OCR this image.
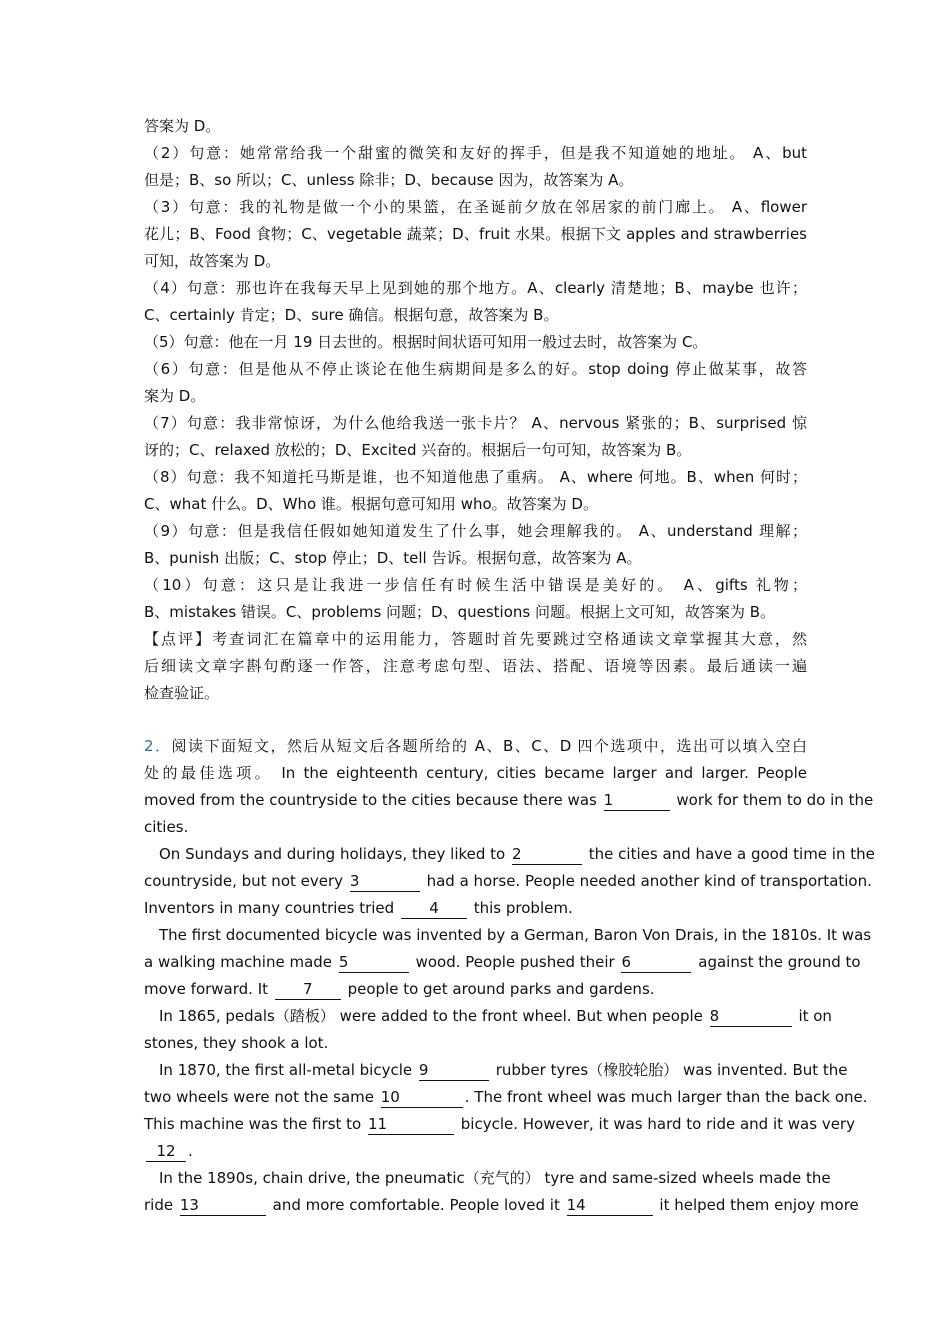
答案为 D。
（2）句意：她常常给我一个甜蜜的微笑和友好的挥手，但是我不知道她的地址。 A、but
但是；B、so 所以；C、unless 除非；D、because 因为，故答案为 A。
（3）句意：我的礼物是做一个小的果篮，在圣诞前夕放在邻居家的前门廊上。 A、flower
花儿；B、Food 食物；C、vegetable 蔬菜；D、fruit 水果。根据下文 apples and strawberries
可知，故答案为 D。
（4）句意：那也许在我每天早上见到她的那个地方。A、clearly 清楚地；B、maybe 也许；
C、certainly 肯定；D、sure 确信。根据句意，故答案为 B。
（5）句意：他在一月 19 日去世的。根据时间状语可知用一般过去时，故答案为 C。
（6）句意：但是他从不停止谈论在他生病期间是多么的好。stop doing 停止做某事，故答
案为 D。
（7）句意：我非常惊讶，为什么他给我送一张卡片？ A、nervous 紧张的；B、surprised 惊
讶的；C、relaxed 放松的；D、Excited 兴奋的。根据后一句可知，故答案为 B。
（8）句意：我不知道托马斯是谁，也不知道他患了重病。 A、where 何地。B、when 何时；
C、what 什么。D、Who 谁。根据句意可知用 who。故答案为 D。
（9）句意：但是我信任假如她知道发生了什么事，她会理解我的。 A、understand 理解；
B、punish 出版；C、stop 停止；D、tell 告诉。根据句意，故答案为 A。
（10）句意：这只是让我进一步信任有时候生活中错误是美好的。 A、gifts 礼物；
B、mistakes 错误。C、problems 问题；D、questions 问题。根据上文可知，故答案为 B。
【点评】考查词汇在篇章中的运用能力，答题时首先要跳过空格通读文章掌握其大意，然
后细读文章字斟句酌逐一作答，注意考虑句型、语法、搭配、语境等因素。最后通读一遍
检查验证。
2．阅读下面短文，然后从短文后各题所给的 A、B、C、D 四个选项中，选出可以填入空白
处的最佳选项。 In the eighteenth century, cities became larger and larger. People
moved from the countryside to the cities because there was 1	work for them to do in the
cities.
On Sundays and during holidays, they liked to 2	the cities and have a good time in the
countryside, but not every 3	had a horse. People needed another kind of transportation.
Inventors in many countries tried 4 this problem.
The first documented bicycle was invented by a German, Baron Von Drais, in the 1810s. It was
a walking machine made 5	wood. People pushed their 6	against the ground to
move forward. It 7 people to get around parks and gardens.
In 1865, pedals（踏板） were added to the front wheel. But when people 8	it on
stones, they shook a lot.
In 1870, the first all-metal bicycle 9	rubber tyres（橡胶轮胎） was invented. But the
two wheels were not the same 10	. The front wheel was much larger than the back one.
This machine was the first to 11	bicycle. However, it was hard to ride and it was very
12 .
In the 1890s, chain drive, the pneumatic（充气的） tyre and same-sized wheels made the
ride 13	and more comfortable. People loved it 14	it helped them enjoy more
